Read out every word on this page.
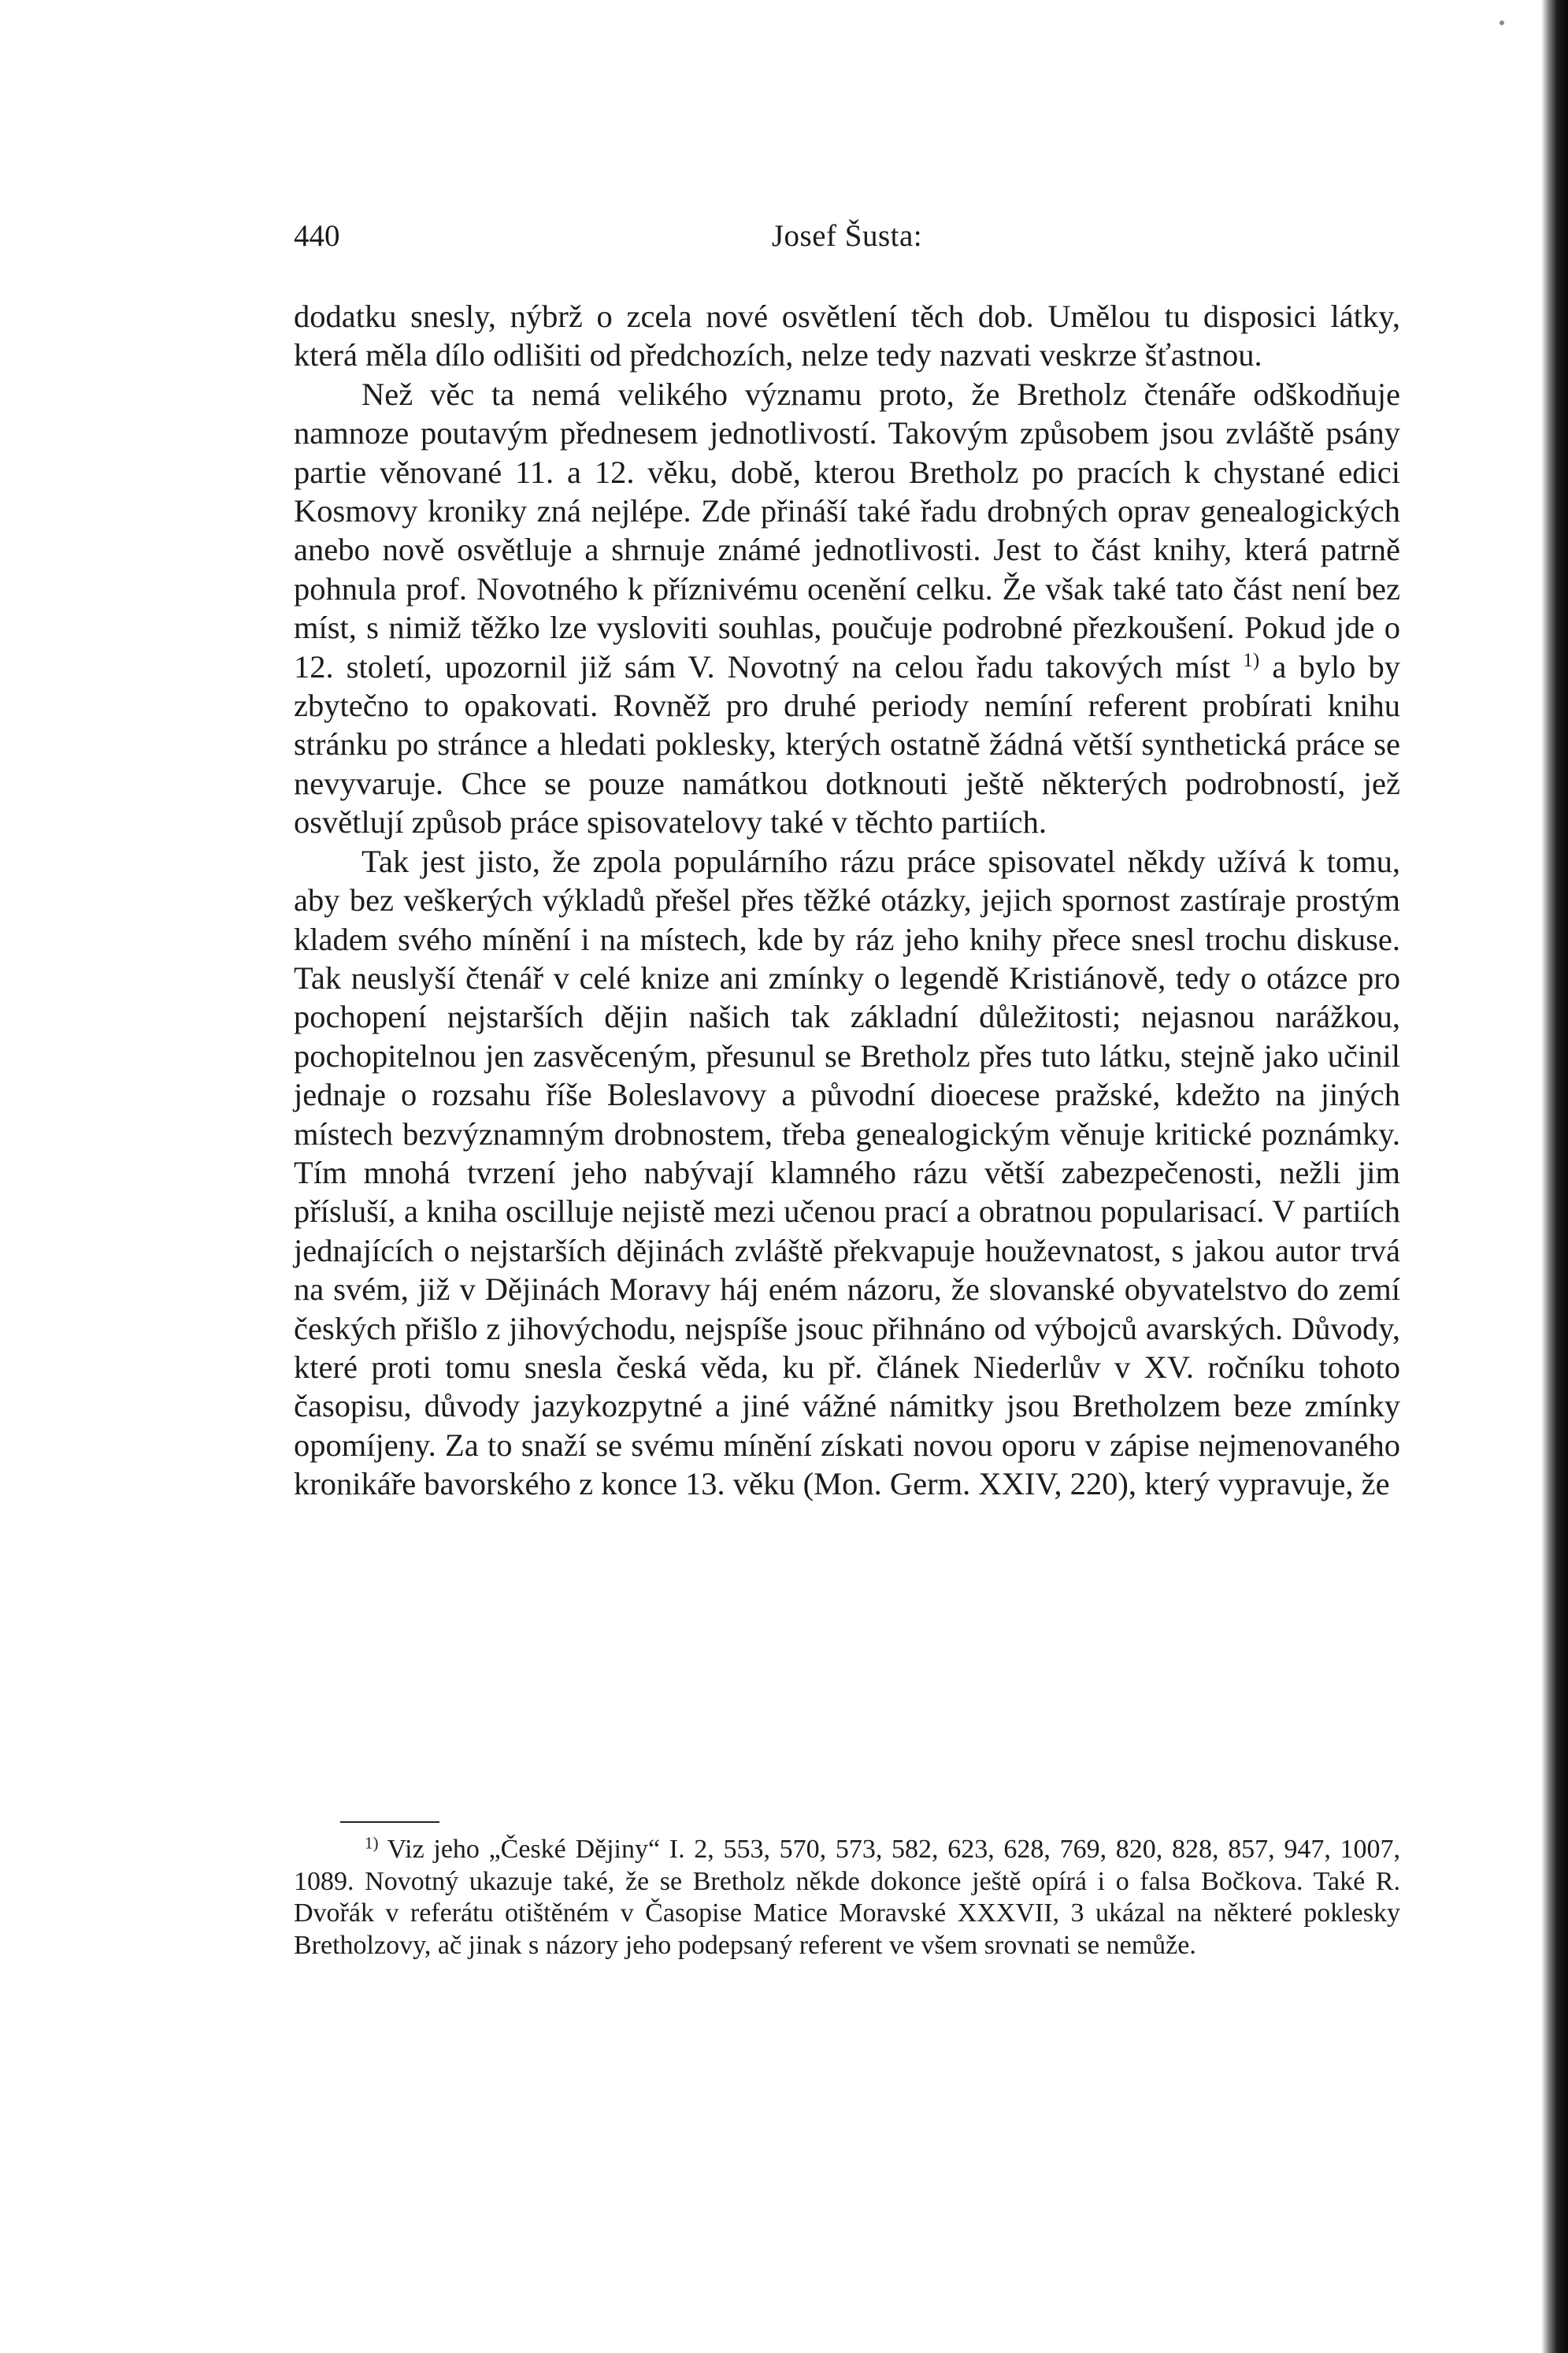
440	Josef Šusta:

dodatku snesly, nýbrž o zcela nové osvětlení těch dob. Umělou tu disposici látky, která měla dílo odlišiti od předchozích, nelze tedy nazvati veskrze šťastnou.

Než věc ta nemá velikého významu proto, že Bretholz čtenáře odškodňuje namnoze poutavým přednesem jednotlivostí. Takovým způsobem jsou zvláště psány partie věnované 11. a 12. věku, době, kterou Bretholz po pracích k chystané edici Kosmovy kroniky zná nejlépe. Zde přináší také řadu drobných oprav genealogických anebo nově osvětluje a shrnuje známé jednotlivosti. Jest to část knihy, která patrně pohnula prof. Novotného k příznivému ocenění celku. Že však také tato část není bez míst, s nimiž těžko lze vysloviti souhlas, poučuje podrobné přezkoušení. Pokud jde o 12. století, upozornil již sám V. Novotný na celou řadu takových míst $^{1)}$ a bylo by zbytečno to opakovati. Rovněž pro druhé periody nemíní referent probírati knihu stránku po stránce a hledati poklesky, kterých ostatně žádná větší synthetická práce se nevyvaruje. Chce se pouze namátkou dotknouti ještě některých podrobností, jež osvětlují způsob práce spisovatelovy také v těchto partiích.

Tak jest jisto, že zpola populárního rázu práce spisovatel někdy užívá k tomu, aby bez veškerých výkladů přešel přes těžké otázky, jejich spornost zastíraje prostým kladem svého mínění i na místech, kde by ráz jeho knihy přece snesl trochu diskuse. Tak neuslyší čtenář v celé knize ani zmínky o legendě Kristiánově, tedy o otázce pro pochopení nejstarších dějin našich tak základní důležitosti; nejasnou narážkou, pochopitelnou jen zasvěceným, přesunul se Bretholz přes tuto látku, stejně jako učinil jednaje o rozsahu říše Boleslavovy a původní dioecese pražské, kdežto na jiných místech bezvýznamným drobnostem, třeba genealogickým věnuje kritické poznámky. Tím mnohá tvrzení jeho nabývají klamného rázu větší zabezpečenosti, nežli jim přísluší, a kniha oscilluje nejistě mezi učenou prací a obratnou popularisací. V partiích jednajících o nejstarších dějinách zvláště překvapuje houževnatost, s jakou autor trvá na svém, již v Dějinách Moravy háj eném názoru, že slovanské obyvatelstvo do zemí českých přišlo z jihovýchodu, nejspíše jsouc přihnáno od výbojců avarských. Důvody, které proti tomu snesla česká věda, ku př. článek Niederlův v XV. ročníku tohoto časopisu, důvody jazykozpytné a jiné vážné námitky jsou Bretholzem beze zmínky opomíjeny. Za to snaží se svému mínění získati novou oporu v zápise nejmenovaného kronikáře bavorského z konce 13. věku (Mon. Germ. XXIV, 220), který vypravuje, že

$^{1)}$ Viz jeho „České Dějiny“ I. 2, 553, 570, 573, 582, 623, 628, 769, 820, 828, 857, 947, 1007, 1089. Novotný ukazuje také, že se Bretholz někde dokonce ještě opírá i o falsa Bočkova. Také R. Dvořák v referátu otištěném v Časopise Matice Moravské XXXVII, 3 ukázal na některé poklesky Bretholzovy, ač jinak s názory jeho podepsaný referent ve všem srovnati se nemůže.
